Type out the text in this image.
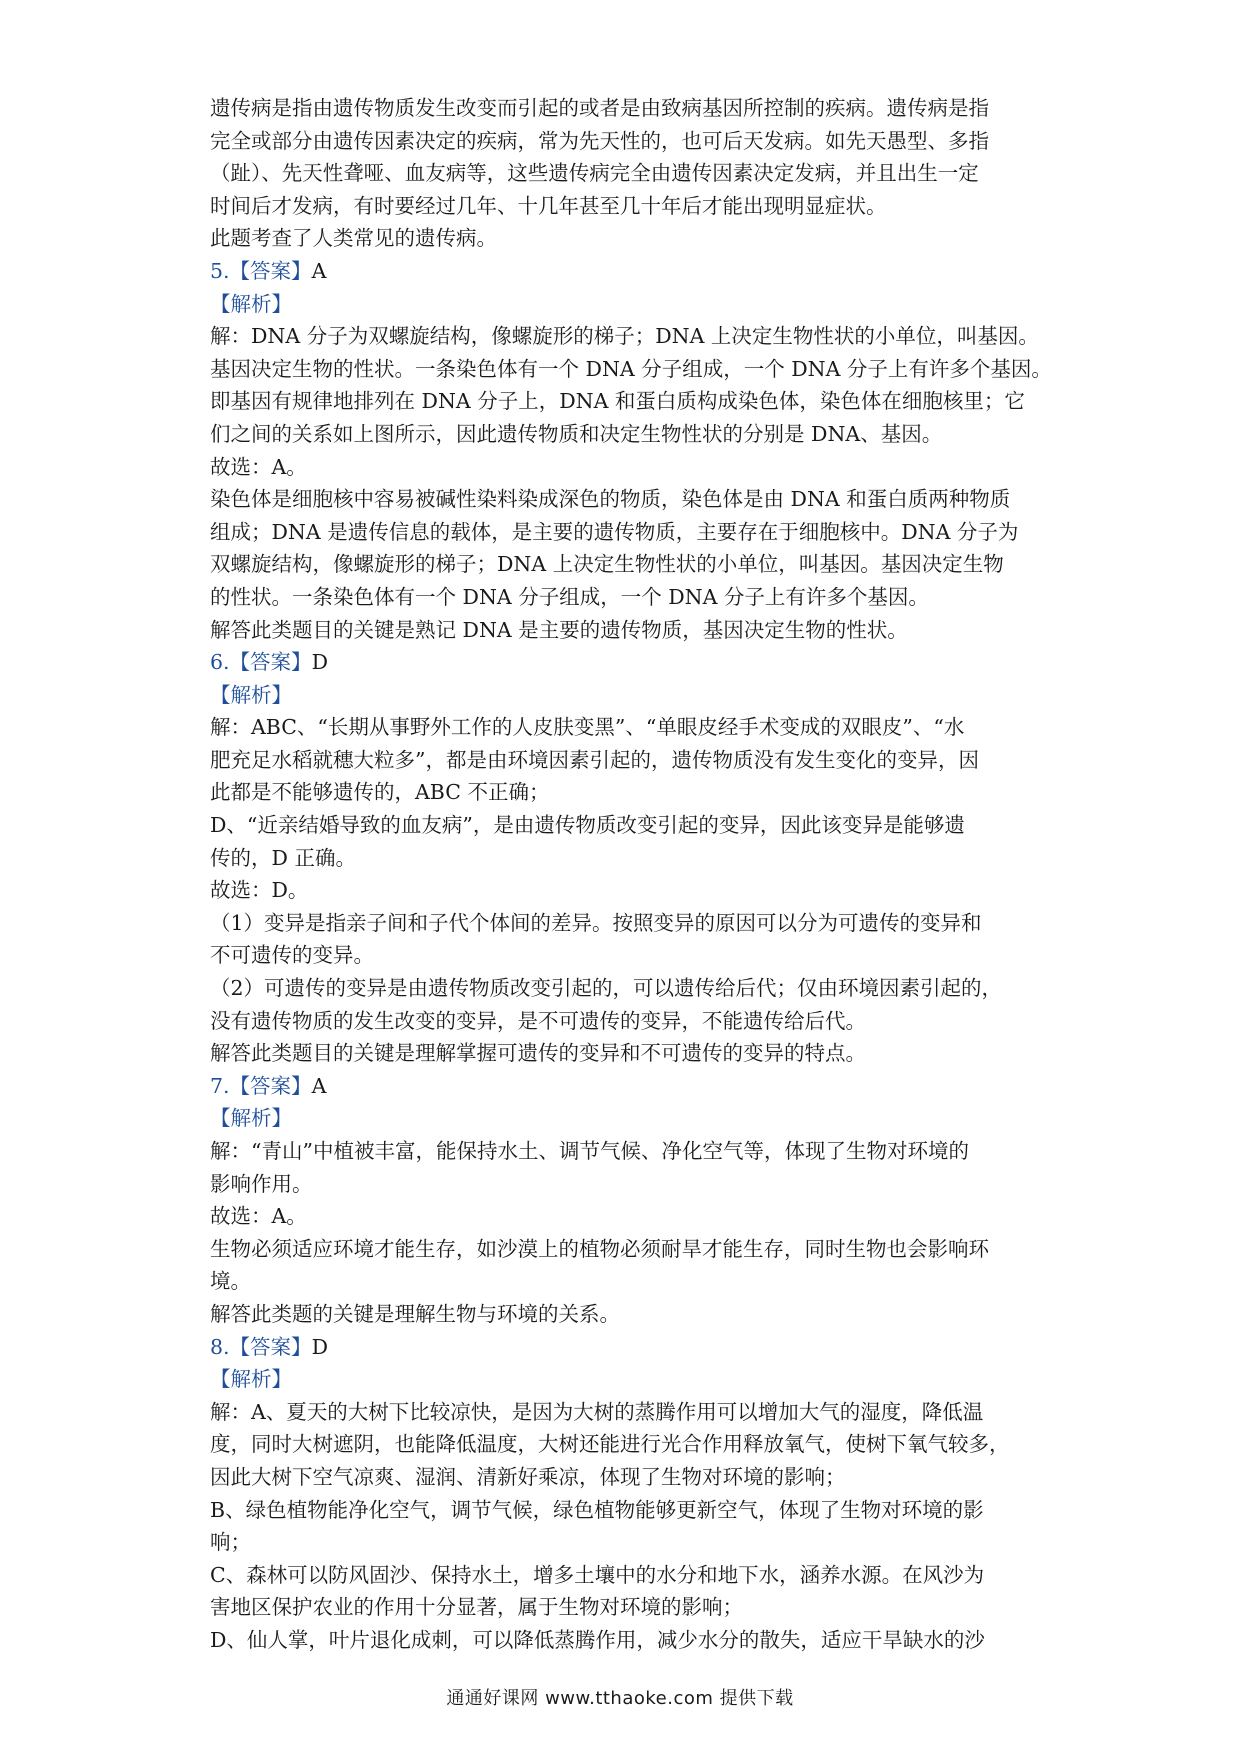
遗传病是指由遗传物质发生改变而引起的或者是由致病基因所控制的疾病。遗传病是指
完全或部分由遗传因素决定的疾病，常为先天性的，也可后天发病。如先天愚型、多指
（趾）、先天性聋哑、血友病等，这些遗传病完全由遗传因素决定发病，并且出生一定
时间后才发病，有时要经过几年、十几年甚至几十年后才能出现明显症状。
此题考查了人类常见的遗传病。
5.【答案】A
【解析】
解：DNA 分子为双螺旋结构，像螺旋形的梯子；DNA 上决定生物性状的小单位，叫基因。
基因决定生物的性状。一条染色体有一个 DNA 分子组成，一个 DNA 分子上有许多个基因。
即基因有规律地排列在 DNA 分子上，DNA 和蛋白质构成染色体，染色体在细胞核里；它
们之间的关系如上图所示，因此遗传物质和决定生物性状的分别是 DNA、基因。
故选：A。
染色体是细胞核中容易被碱性染料染成深色的物质，染色体是由 DNA 和蛋白质两种物质
组成；DNA 是遗传信息的载体，是主要的遗传物质，主要存在于细胞核中。DNA 分子为
双螺旋结构，像螺旋形的梯子；DNA 上决定生物性状的小单位，叫基因。基因决定生物
的性状。一条染色体有一个 DNA 分子组成，一个 DNA 分子上有许多个基因。
解答此类题目的关键是熟记 DNA 是主要的遗传物质，基因决定生物的性状。
6.【答案】D
【解析】
解：ABC、“长期从事野外工作的人皮肤变黑”、“单眼皮经手术变成的双眼皮”、“水
肥充足水稻就穗大粒多”，都是由环境因素引起的，遗传物质没有发生变化的变异，因
此都是不能够遗传的，ABC 不正确；
D、“近亲结婚导致的血友病”，是由遗传物质改变引起的变异，因此该变异是能够遗
传的，D 正确。
故选：D。
（1）变异是指亲子间和子代个体间的差异。按照变异的原因可以分为可遗传的变异和
不可遗传的变异。
（2）可遗传的变异是由遗传物质改变引起的，可以遗传给后代；仅由环境因素引起的，
没有遗传物质的发生改变的变异，是不可遗传的变异，不能遗传给后代。
解答此类题目的关键是理解掌握可遗传的变异和不可遗传的变异的特点。
7.【答案】A
【解析】
解：“青山”中植被丰富，能保持水土、调节气候、净化空气等，体现了生物对环境的
影响作用。
故选：A。
生物必须适应环境才能生存，如沙漠上的植物必须耐旱才能生存，同时生物也会影响环
境。
解答此类题的关键是理解生物与环境的关系。
8.【答案】D
【解析】
解：A、夏天的大树下比较凉快，是因为大树的蒸腾作用可以增加大气的湿度，降低温
度，同时大树遮阴，也能降低温度，大树还能进行光合作用释放氧气，使树下氧气较多，
因此大树下空气凉爽、湿润、清新好乘凉，体现了生物对环境的影响；
B、绿色植物能净化空气，调节气候，绿色植物能够更新空气，体现了生物对环境的影
响；
C、森林可以防风固沙、保持水土，增多土壤中的水分和地下水，涵养水源。在风沙为
害地区保护农业的作用十分显著，属于生物对环境的影响；
D、仙人掌，叶片退化成刺，可以降低蒸腾作用，减少水分的散失，适应干旱缺水的沙
通通好课网 www.tthaoke.com 提供下载
